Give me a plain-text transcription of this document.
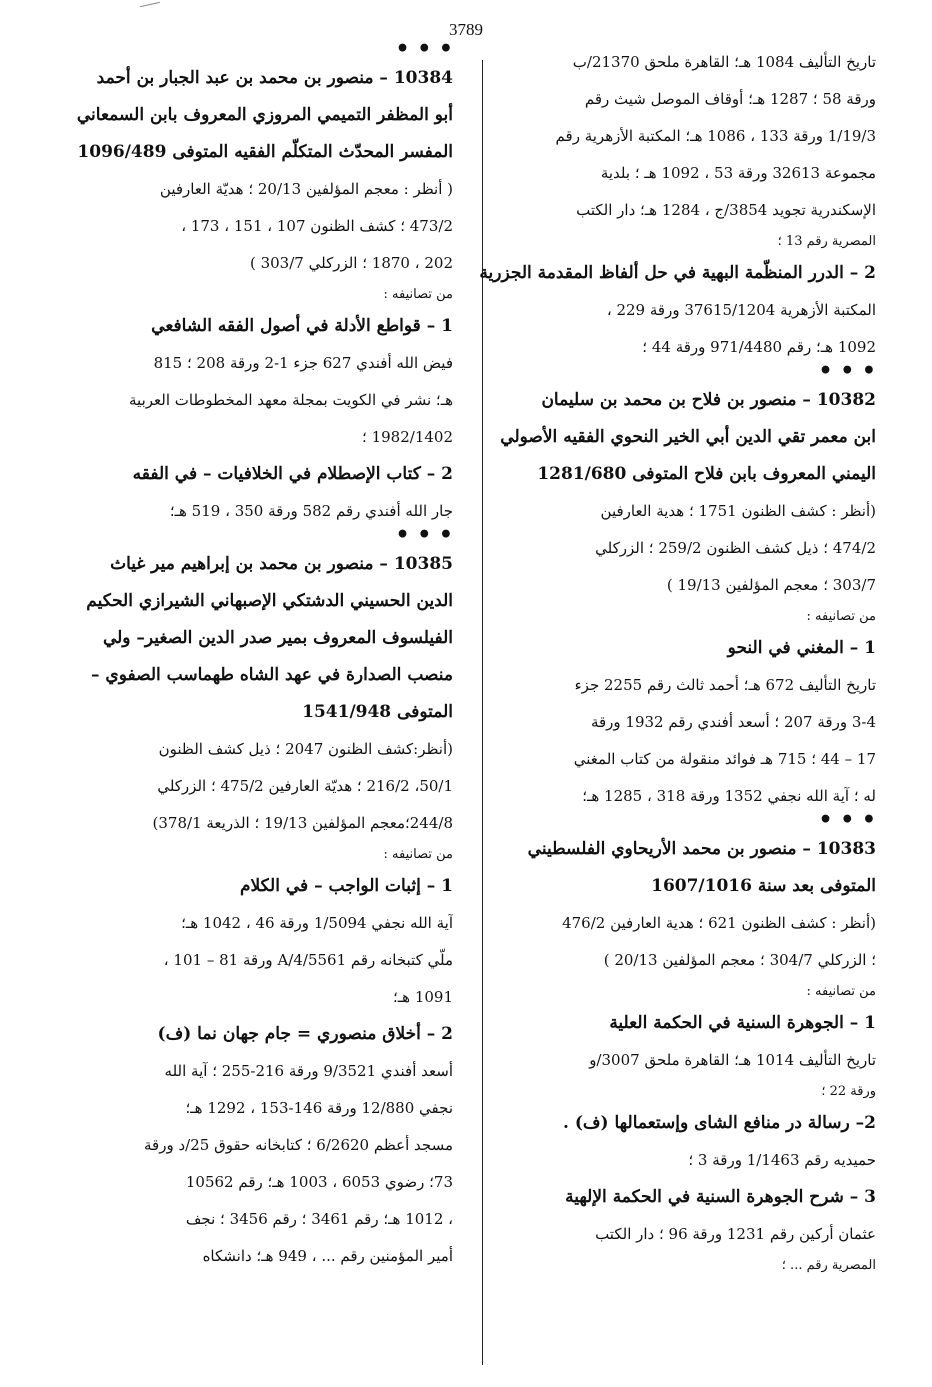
3789
تاريخ التأليف 1084 هـ؛ القاهرة ملحق 21370/ب
ورقة 58 ؛ 1287 هـ؛ أوقاف الموصل شيث رقم
1/19/3 ورقة 133 ، 1086 هـ؛ المكتبة الأزهرية رقم
مجموعة 32613 ورقة 53 ، 1092 هـ ؛ بلدية
الإسكندرية تجويد 3854/ج ، 1284 هـ؛ دار الكتب
المصرية رقم 13 ؛
2 – الدرر المنظّمة البهية في حل ألفاظ المقدمة الجزرية
المكتبة الأزهرية 37615/1204 ورقة 229 ،
1092 هـ؛ رقم 971/4480 ورقة 44 ؛
• • •
10382 – منصور بن فلاح بن محمد بن سليمان
ابن معمر تقي الدين أبي الخير النحوي الفقيه الأصولي
اليمني المعروف بابن فلاح المتوفى 1281/680
(أنظر : كشف الظنون 1751 ؛ هدية العارفين
474/2 ؛ ذيل كشف الظنون 259/2 ؛ الزركلي
303/7 ؛ معجم المؤلفين 19/13 )
من تصانيفه :
1 – المغني في النحو
تاريخ التأليف 672 هـ؛ أحمد ثالث رقم 2255 جزء
3-4 ورقة 207 ؛ أسعد أفندي رقم 1932 ورقة
17 – 44 ؛ 715 هـ فوائد منقولة من كتاب المغني
له ؛ آية الله نجفي 1352 ورقة 318 ، 1285 هـ؛
• • •
10383 – منصور بن محمد الأريحاوي الفلسطيني
المتوفى بعد سنة 1607/1016
(أنظر : كشف الظنون 621 ؛ هدية العارفين 476/2
؛ الزركلي 304/7 ؛ معجم المؤلفين 20/13 )
من تصانيفه :
1 – الجوهرة السنية في الحكمة العلية
تاريخ التأليف 1014 هـ؛ القاهرة ملحق 3007/و
ورقة 22 ؛
2– رسالة در منافع الشاى وإستعمالها (ف) .
حميديه رقم 1/1463 ورقة 3 ؛
3 – شرح الجوهرة السنية في الحكمة الإلهية
عثمان أركين رقم 1231 ورقة 96 ؛ دار الكتب
المصرية رقم ... ؛
• • •
10384 – منصور بن محمد بن عبد الجبار بن أحمد
أبو المظفر التميمي المروزي المعروف بابن السمعاني
المفسر المحدّث المتكلّم الفقيه المتوفى 1096/489
( أنظر : معجم المؤلفين 20/13 ؛ هديّة العارفين
473/2 ؛ كشف الظنون 107 ، 151 ، 173 ،
202 ، 1870 ؛ الزركلي 303/7 )
من تصانيفه :
1 – قواطع الأدلة في أصول الفقه الشافعي
فيض الله أفندي 627 جزء 1-2 ورقة 208 ؛ 815
هـ؛ نشر في الكويت بمجلة معهد المخطوطات العربية
1982/1402 ؛
2 – كتاب الإصطلام في الخلافيات – في الفقه
جار الله أفندي رقم 582 ورقة 350 ، 519 هـ؛
• • •
10385 – منصور بن محمد بن إبراهيم مير غياث
الدين الحسيني الدشتكي الإصبهاني الشيرازي الحكيم
الفيلسوف المعروف بمير صدر الدين الصغير– ولي
منصب الصدارة في عهد الشاه طهماسب الصفوي –
المتوفى 1541/948
(أنظر:كشف الظنون 2047 ؛ ذيل كشف الظنون
50/1، 216/2 ؛ هديّة العارفين 475/2 ؛ الزركلي
244/8؛معجم المؤلفين 19/13 ؛ الذريعة 378/1)
من تصانيفه :
1 – إثبات الواجب – في الكلام
آية الله نجفي 1/5094 ورقة 46 ، 1042 هـ؛
ملّي كتبخانه رقم 4/5561/A ورقة 81 – 101 ،
1091 هـ؛
2 – أخلاق منصوري = جام جهان نما (ف)
أسعد أفندي 9/3521 ورقة 216-255 ؛ آية الله
نجفي 12/880 ورقة 146-153 ، 1292 هـ؛
مسجد أعظم 6/2620 ؛ كتابخانه حقوق 25/د ورقة
73؛ رضوي 6053 ، 1003 هـ؛ رقم 10562
، 1012 هـ؛ رقم 3461 ؛ رقم 3456 ؛ نجف
أمير المؤمنين رقم ... ، 949 هـ؛ دانشكاه
